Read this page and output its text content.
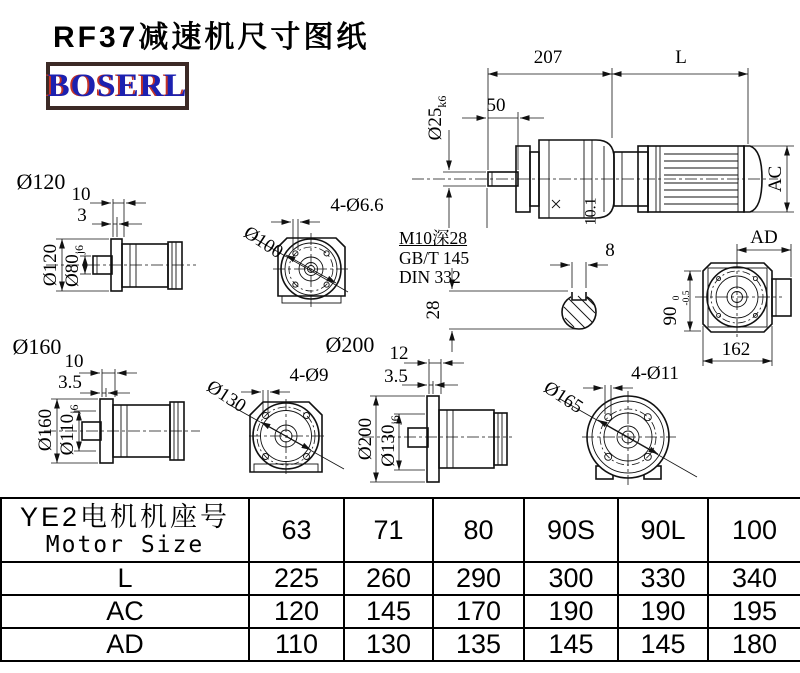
RF37减速机尺寸图纸
BOSERL
207	L
50
$Ø25_{k6}$
AC
10.1
M10深28
GB/T 145
DIN 332
8
28
AD
90
0 -0.5
162
Ø120
10
3
Ø120 $Ø80_{j6}$
4-Ø6.6
Ø100
Ø160
10
3.5
Ø160 $Ø110_{j6}$
Ø200
4-Ø9
Ø130
12
3.5
Ø200 $Ø130_{j6}$
4-Ø11
Ø165
YE2电机机座号
Motor Size	63	71	80	90S	90L	100
L	225	260	290	300	330	340
AC	120	145	170	190	190	195
AD	110	130	135	145	145	180
